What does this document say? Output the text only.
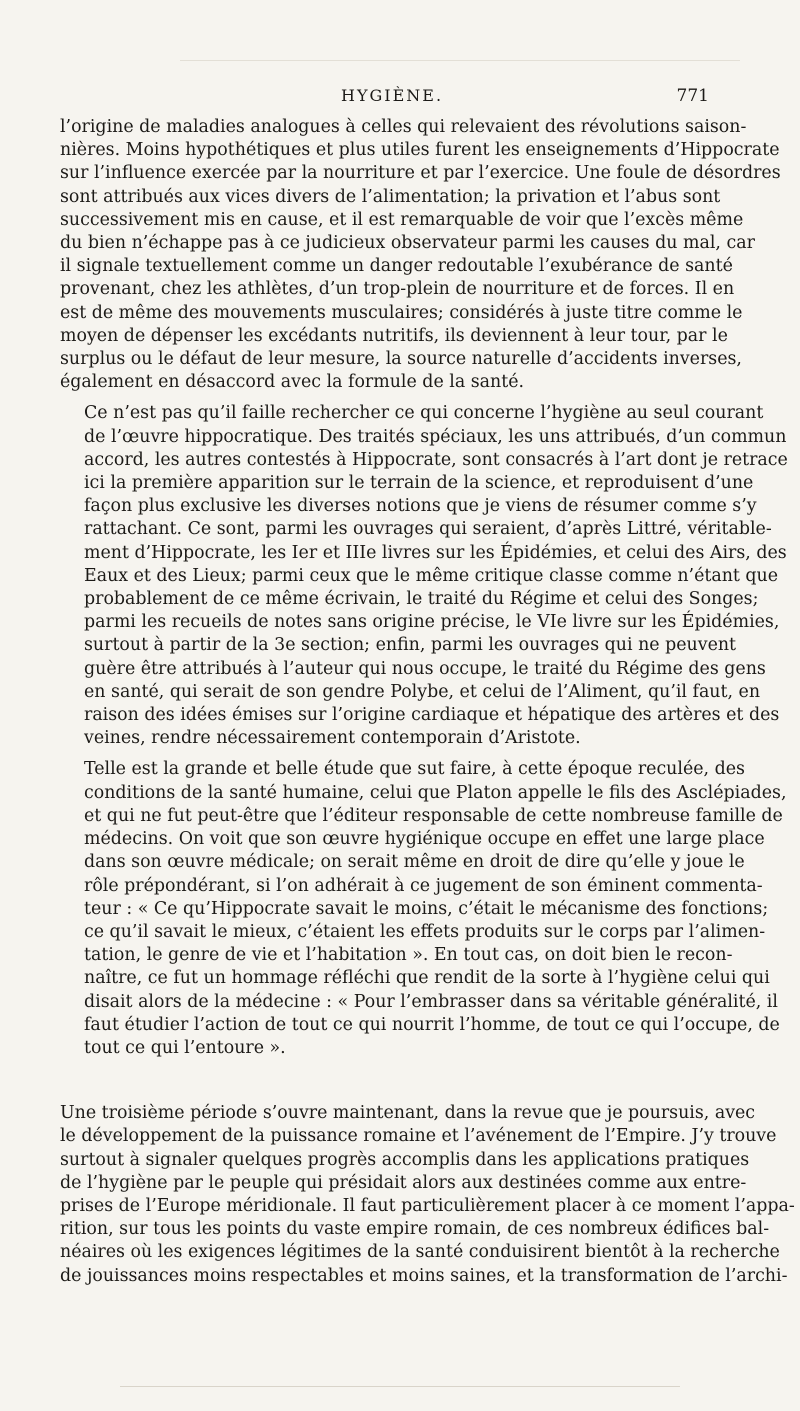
HYGIÈNE.	771

l’origine de maladies analogues à celles qui relevaient des révolutions saison-
nières. Moins hypothétiques et plus utiles furent les enseignements d’Hippocrate
sur l’influence exercée par la nourriture et par l’exercice. Une foule de désordres
sont attribués aux vices divers de l’alimentation; la privation et l’abus sont
successivement mis en cause, et il est remarquable de voir que l’excès même
du bien n’échappe pas à ce judicieux observateur parmi les causes du mal, car
il signale textuellement comme un danger redoutable l’exubérance de santé
provenant, chez les athlètes, d’un trop-plein de nourriture et de forces. Il en
est de même des mouvements musculaires; considérés à juste titre comme le
moyen de dépenser les excédants nutritifs, ils deviennent à leur tour, par le
surplus ou le défaut de leur mesure, la source naturelle d’accidents inverses,
également en désaccord avec la formule de la santé.

Ce n’est pas qu’il faille rechercher ce qui concerne l’hygiène au seul courant
de l’œuvre hippocratique. Des traités spéciaux, les uns attribués, d’un commun
accord, les autres contestés à Hippocrate, sont consacrés à l’art dont je retrace
ici la première apparition sur le terrain de la science, et reproduisent d’une
façon plus exclusive les diverses notions que je viens de résumer comme s’y
rattachant. Ce sont, parmi les ouvrages qui seraient, d’après Littré, véritable-
ment d’Hippocrate, les Ier et IIIe livres sur les Épidémies, et celui des Airs, des
Eaux et des Lieux; parmi ceux que le même critique classe comme n’étant que
probablement de ce même écrivain, le traité du Régime et celui des Songes;
parmi les recueils de notes sans origine précise, le VIe livre sur les Épidémies,
surtout à partir de la 3e section; enfin, parmi les ouvrages qui ne peuvent
guère être attribués à l’auteur qui nous occupe, le traité du Régime des gens
en santé, qui serait de son gendre Polybe, et celui de l’Aliment, qu’il faut, en
raison des idées émises sur l’origine cardiaque et hépatique des artères et des
veines, rendre nécessairement contemporain d’Aristote.

Telle est la grande et belle étude que sut faire, à cette époque reculée, des
conditions de la santé humaine, celui que Platon appelle le fils des Asclépiades,
et qui ne fut peut-être que l’éditeur responsable de cette nombreuse famille de
médecins. On voit que son œuvre hygiénique occupe en effet une large place
dans son œuvre médicale; on serait même en droit de dire qu’elle y joue le
rôle prépondérant, si l’on adhérait à ce jugement de son éminent commenta-
teur : « Ce qu’Hippocrate savait le moins, c’était le mécanisme des fonctions;
ce qu’il savait le mieux, c’étaient les effets produits sur le corps par l’alimen-
tation, le genre de vie et l’habitation ». En tout cas, on doit bien le recon-
naître, ce fut un hommage réfléchi que rendit de la sorte à l’hygiène celui qui
disait alors de la médecine : « Pour l’embrasser dans sa véritable généralité, il
faut étudier l’action de tout ce qui nourrit l’homme, de tout ce qui l’occupe, de
tout ce qui l’entoure ».

Une troisième période s’ouvre maintenant, dans la revue que je poursuis, avec
le développement de la puissance romaine et l’avénement de l’Empire. J’y trouve
surtout à signaler quelques progrès accomplis dans les applications pratiques
de l’hygiène par le peuple qui présidait alors aux destinées comme aux entre-
prises de l’Europe méridionale. Il faut particulièrement placer à ce moment l’appa-
rition, sur tous les points du vaste empire romain, de ces nombreux édifices bal-
néaires où les exigences légitimes de la santé conduisirent bientôt à la recherche
de jouissances moins respectables et moins saines, et la transformation de l’archi-
